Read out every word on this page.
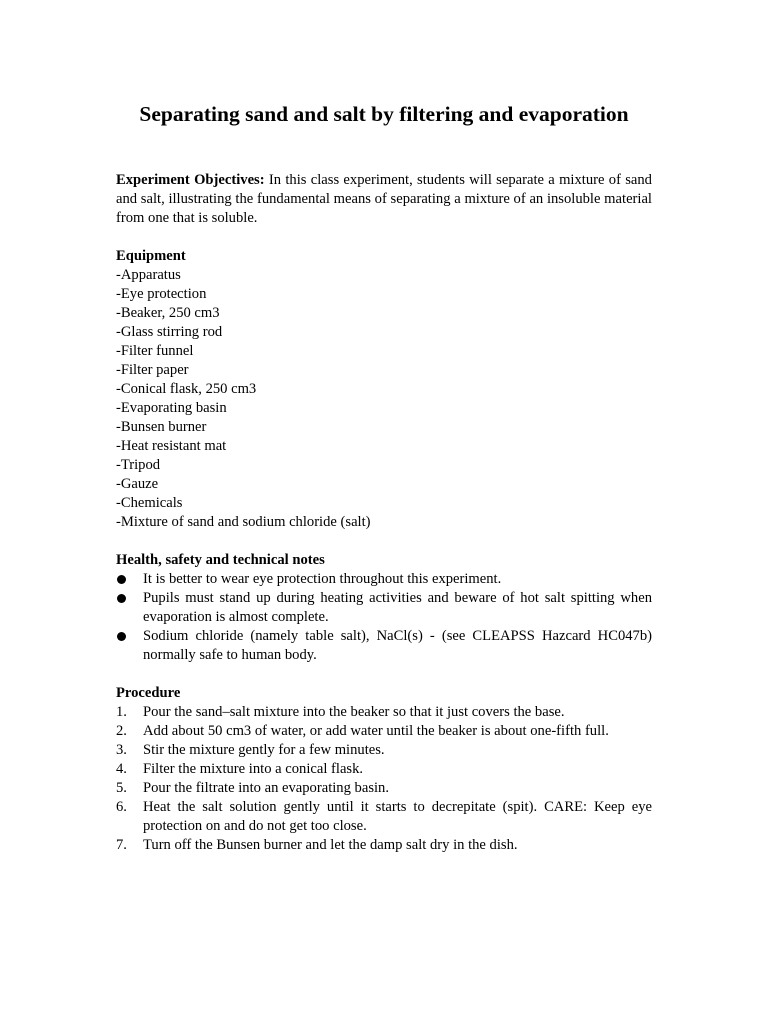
Separating sand and salt by filtering and evaporation

Experiment Objectives: In this class experiment, students will separate a mixture of sand and salt, illustrating the fundamental means of separating a mixture of an insoluble material from one that is soluble.

Equipment

-Apparatus

-Eye protection

-Beaker, 250 cm3

-Glass stirring rod

-Filter funnel

-Filter paper

-Conical flask, 250 cm3

-Evaporating basin

-Bunsen burner

-Heat resistant mat

-Tripod

-Gauze

-Chemicals

-Mixture of sand and sodium chloride (salt)

Health, safety and technical notes

It is better to wear eye protection throughout this experiment.
Pupils must stand up during heating activities and beware of hot salt spitting when evaporation is almost complete.
Sodium chloride (namely table salt), NaCl(s) - (see CLEAPSS Hazcard HC047b) normally safe to human body.

Procedure

1. Pour the sand–salt mixture into the beaker so that it just covers the base.
2. Add about 50 cm3 of water, or add water until the beaker is about one-fifth full.
3. Stir the mixture gently for a few minutes.
4. Filter the mixture into a conical flask.
5. Pour the filtrate into an evaporating basin.
6. Heat the salt solution gently until it starts to decrepitate (spit). CARE: Keep eye protection on and do not get too close.
7. Turn off the Bunsen burner and let the damp salt dry in the dish.
